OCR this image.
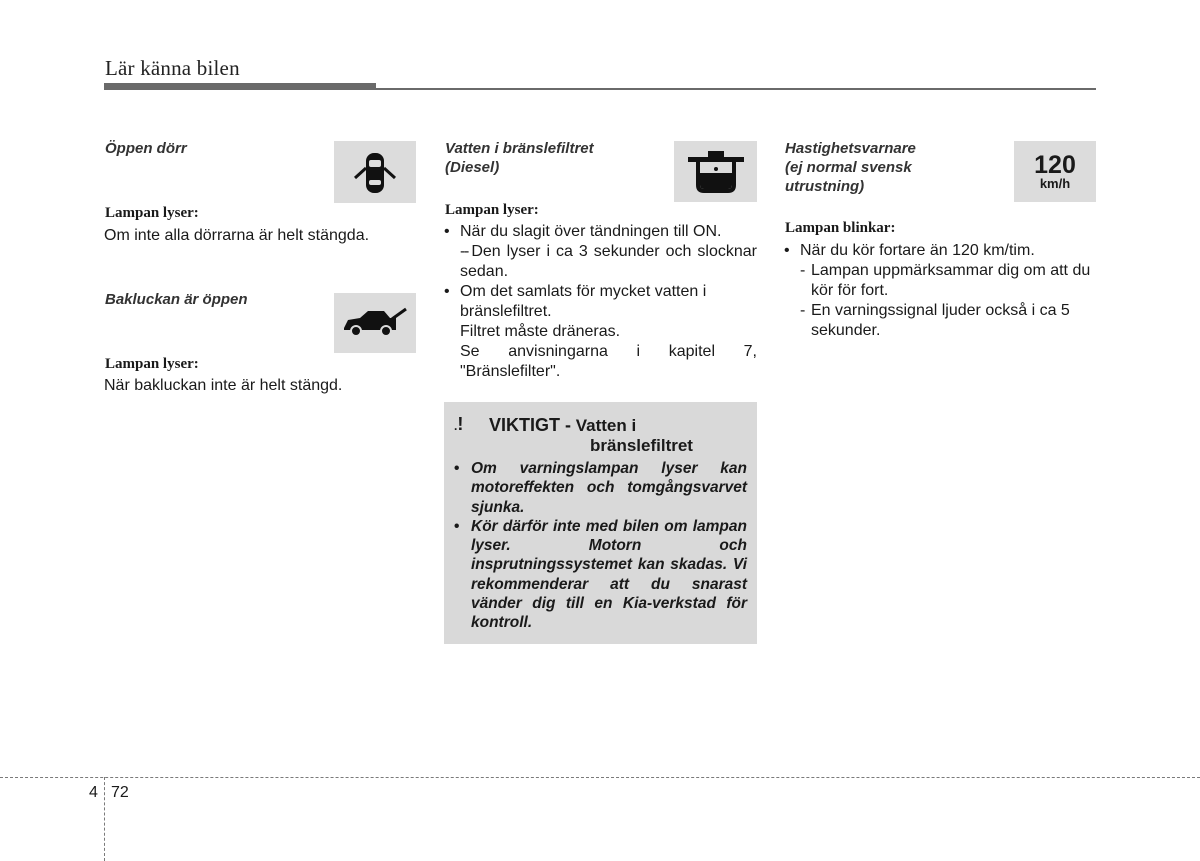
Lär känna bilen
Öppen dörr
Lampan lyser:
Om inte alla dörrarna är helt stängda.
Bakluckan är öppen
Lampan lyser:
När bakluckan inte är helt stängd.
Vatten i bränslefiltret
(Diesel)
Lampan lyser:
• När du slagit över tändningen till ON.
- - Den lyser i ca 3 sekunder och slocknar sedan.
• Om det samlats för mycket vatten i bränslefiltret.
Filtret måste dräneras.
Se anvisningarna i kapitel 7, "Bränslefilter".
.! VIKTIGT - Vatten i
bränslefiltret
• Om varningslampan lyser kan motoreffekten och tomgångsvarvet sjunka.
• Kör därför inte med bilen om lampan lyser. Motorn och insprutningssystemet kan skadas. Vi rekommenderar att du snarast vänder dig till en Kia-verkstad för kontroll.
Hastighetsvarnare
(ej normal svensk
utrustning)
120
km/h
Lampan blinkar:
• När du kör fortare än 120 km/tim.
- Lampan uppmärksammar dig om att du kör för fort.
- En varningssignal ljuder också i ca 5 sekunder.
4 72
